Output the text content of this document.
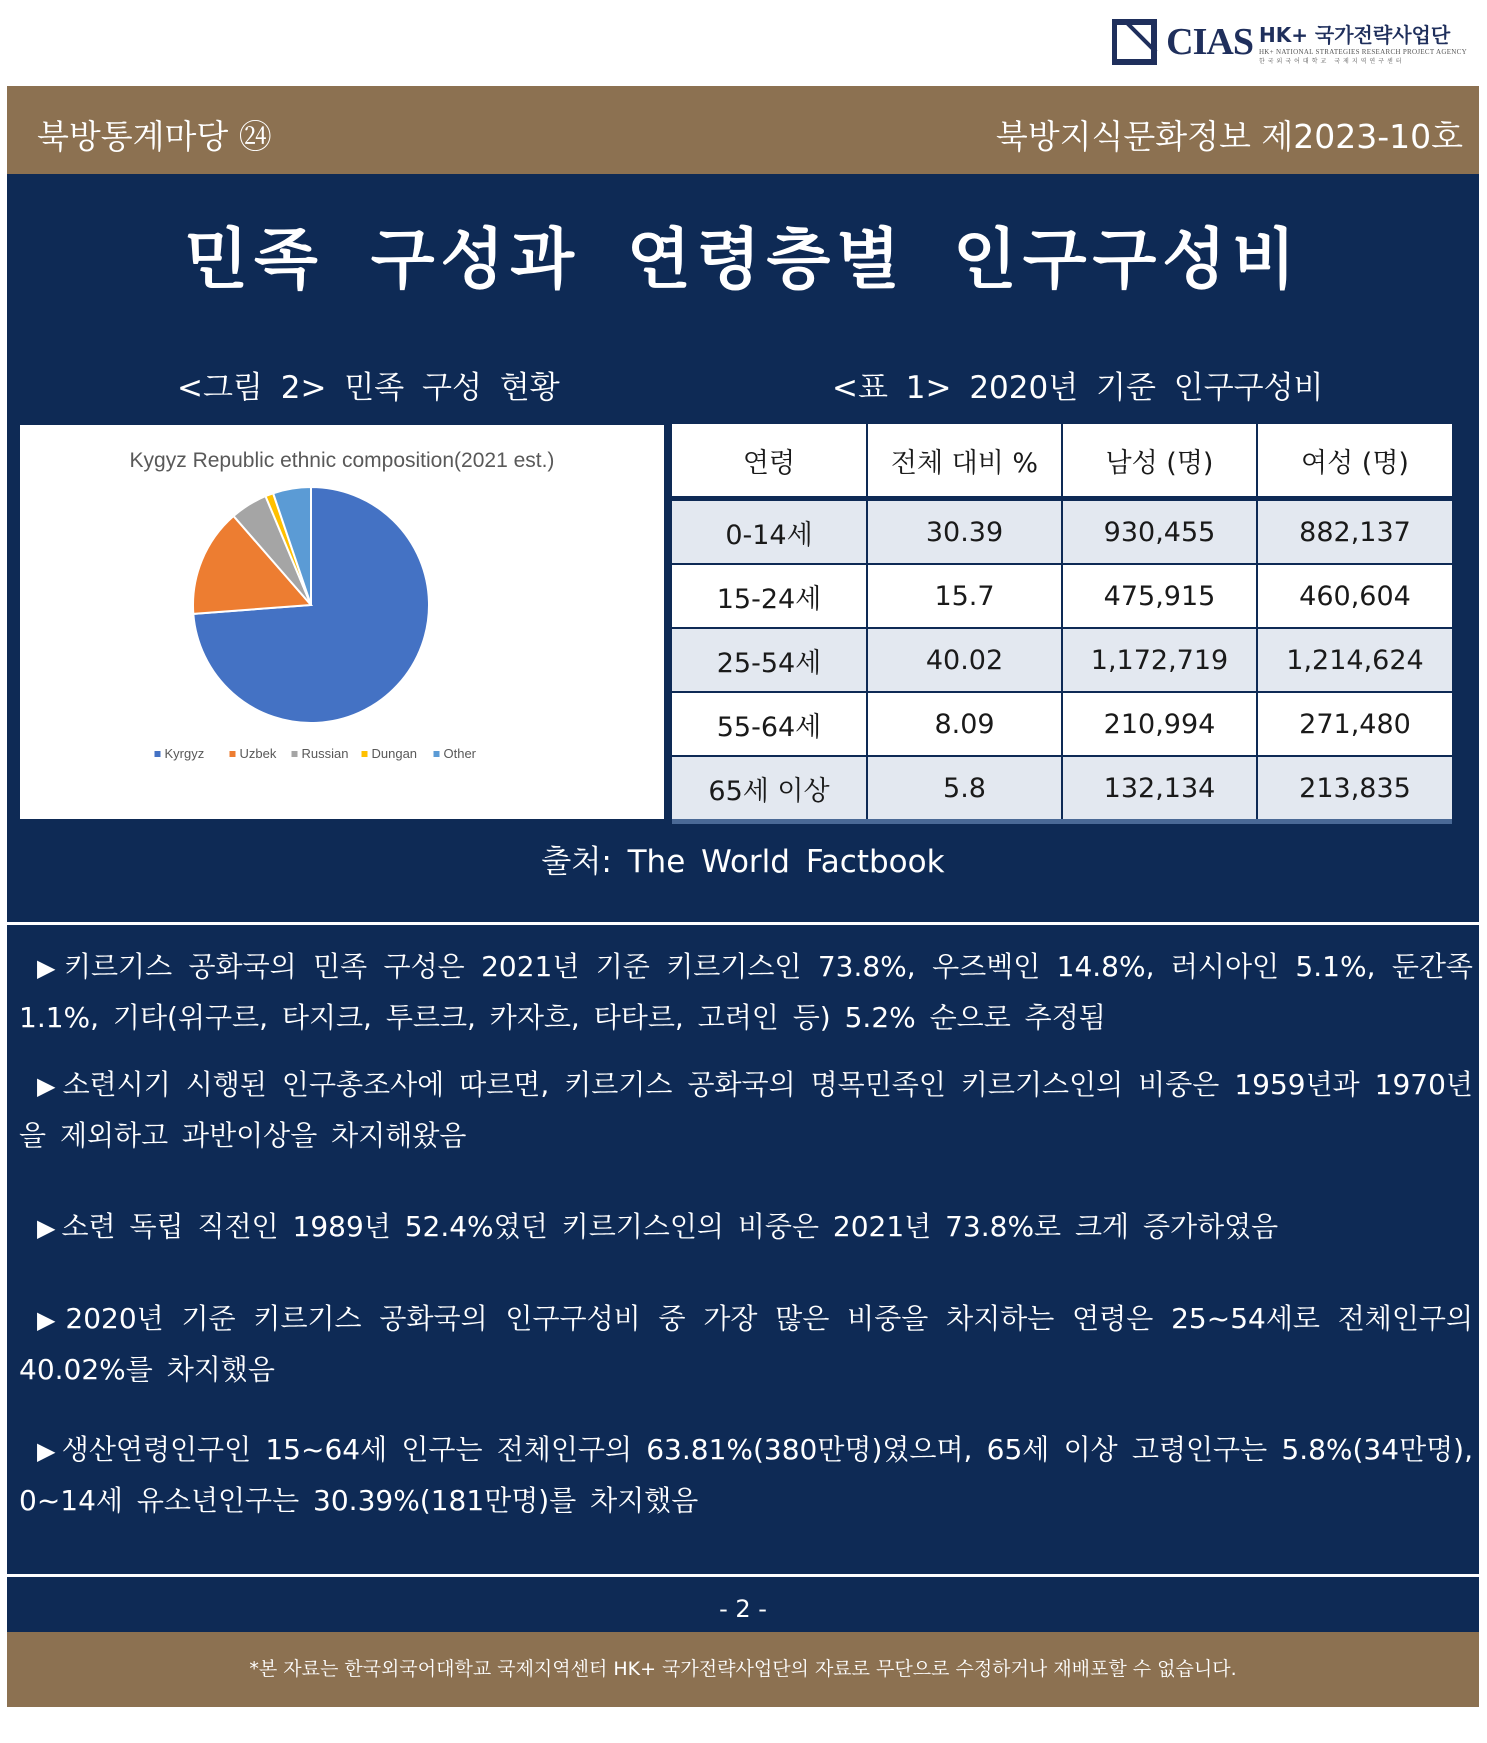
CIAS HK+ 국가전략사업단
HK+ NATIONAL STRATEGIES RESEARCH PROJECT AGENCY
한국외국어대학교 국제지역연구센터
북방통계마당 ㉔	북방지식문화정보 제2023-10호
민족 구성과 연령층별 인구구성비
<그림 2> 민족 구성 현황	<표 1> 2020년 기준 인구구성비
Kygyz Republic ethnic composition(2021 est.)
Kyrgyz	Uzbek Russian Dungan Other
연령	전체 대비 %	남성 (명)	여성 (명)
0-14세	30.39	930,455	882,137
15-24세	15.7	475,915	460,604
25-54세	40.02	1,172,719	1,214,624
55-64세	8.09	210,994	271,480
65세 이상	5.8	132,134	213,835
출처: The World Factbook
▶ 키르기스 공화국의 민족 구성은 2021년 기준 키르기스인 73.8%, 우즈벡인 14.8%, 러시아인 5.1%, 둔간족 1.1%, 기타(위구르, 타지크, 투르크, 카자흐, 타타르, 고려인 등) 5.2% 순으로 추정됨
▶ 소련시기 시행된 인구총조사에 따르면, 키르기스 공화국의 명목민족인 키르기스인의 비중은 1959년과 1970년을 제외하고 과반이상을 차지해왔음
▶ 소련 독립 직전인 1989년 52.4%였던 키르기스인의 비중은 2021년 73.8%로 크게 증가하였음
▶ 2020년 기준 키르기스 공화국의 인구구성비 중 가장 많은 비중을 차지하는 연령은 25~54세로 전체인구의 40.02%를 차지했음
▶ 생산연령인구인 15~64세 인구는 전체인구의 63.81%(380만명)였으며, 65세 이상 고령인구는 5.8%(34만명), 0~14세 유소년인구는 30.39%(181만명)를 차지했음
- 2 -
*본 자료는 한국외국어대학교 국제지역센터 HK+ 국가전략사업단의 자료로 무단으로 수정하거나 재배포할 수 없습니다.
